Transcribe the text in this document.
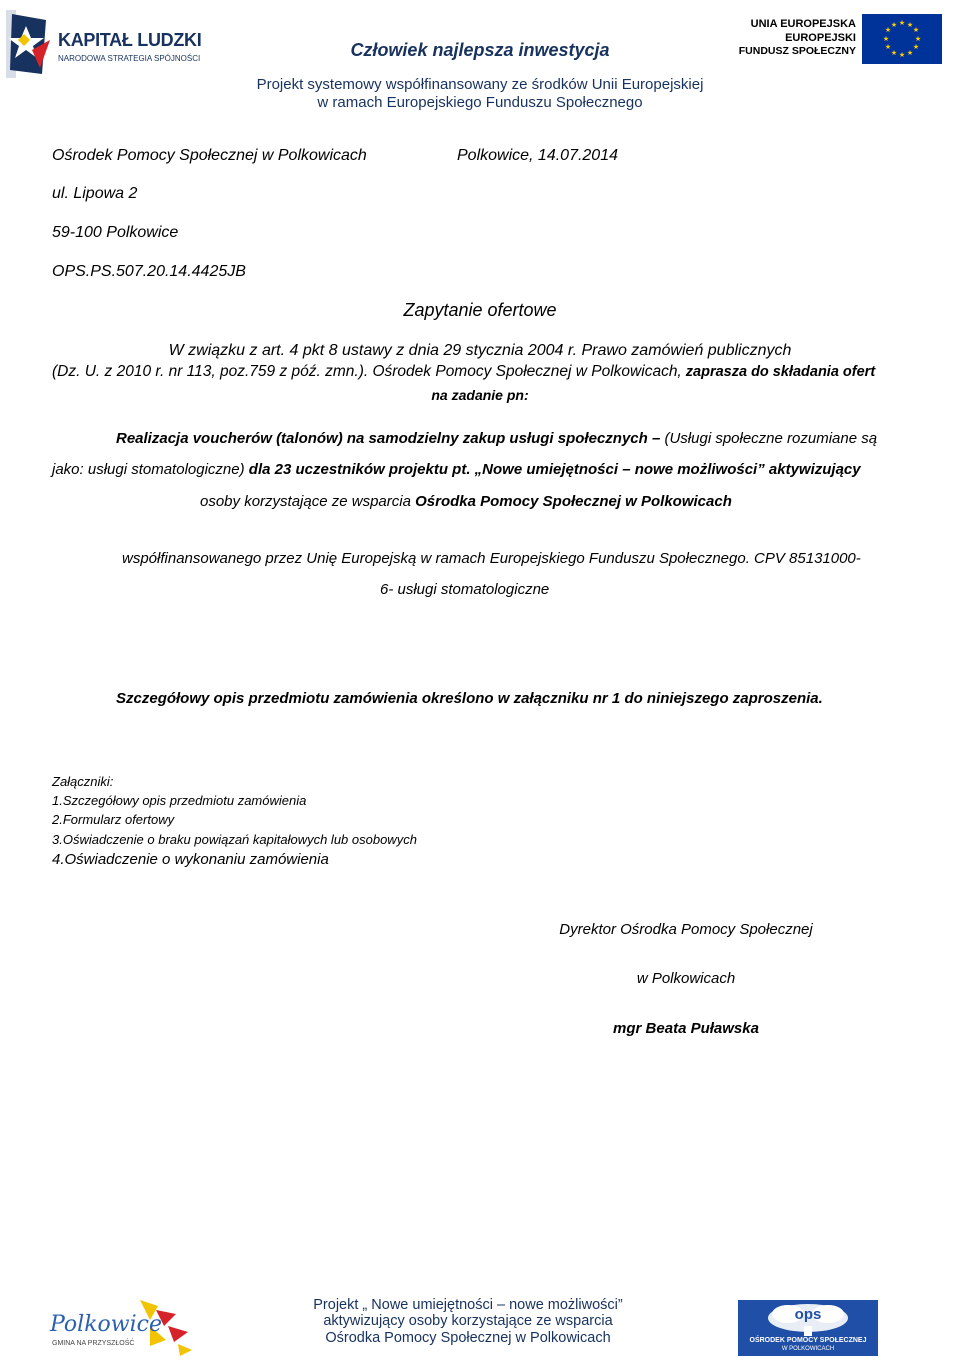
KAPITAŁ LUDZKI
NARODOWA STRATEGIA SPÓJNOŚCI	Człowiek najlepsza inwestycja
Projekt systemowy współfinansowany ze środków Unii Europejskiej
w ramach Europejskiego Funduszu Społecznego
UNIA EUROPEJSKA
EUROPEJSKI
FUNDUSZ SPOŁECZNY
★ ★
★
★
★
★
★
★
★
★
★
★
Ośrodek Pomocy Społecznej w Polkowicach	Polkowice, 14.07.2014
ul. Lipowa 2
59-100 Polkowice
OPS.PS.507.20.14.4425JB
Zapytanie ofertowe
W związku z art. 4 pkt 8 ustawy z dnia 29 stycznia 2004 r. Prawo zamówień publicznych
(Dz. U. z 2010 r. nr 113, poz.759 z póź. zmn.). Ośrodek Pomocy Społecznej w Polkowicach, zaprasza do składania ofert
na zadanie pn:
Realizacja voucherów (talonów) na samodzielny zakup usługi społecznych – (Usługi społeczne rozumiane są
jako: usługi stomatologiczne) dla 23 uczestników projektu pt. „Nowe umiejętności – nowe możliwości” aktywizujący
osoby korzystające ze wsparcia Ośrodka Pomocy Społecznej w Polkowicach
współfinansowanego przez Unię Europejską w ramach Europejskiego Funduszu Społecznego. CPV 85131000-
6- usługi stomatologiczne
Szczegółowy opis przedmiotu zamówienia określono w załączniku nr 1 do niniejszego zaproszenia.
Załączniki:
1.Szczegółowy opis przedmiotu zamówienia
2.Formularz ofertowy
3.Oświadczenie o braku powiązań kapitałowych lub osobowych
4.Oświadczenie o wykonaniu zamówienia
Dyrektor Ośrodka Pomocy Społecznej
w Polkowicach
mgr Beata Puławska
Polkowice
GMINA NA PRZYSZŁOŚĆ
Projekt „ Nowe umiejętności – nowe możliwości”
aktywizujący osoby korzystające ze wsparcia
Ośrodka Pomocy Społecznej w Polkowicach
ops
OŚRODEK POMOCY SPOŁECZNEJ
W POLKOWICACH
